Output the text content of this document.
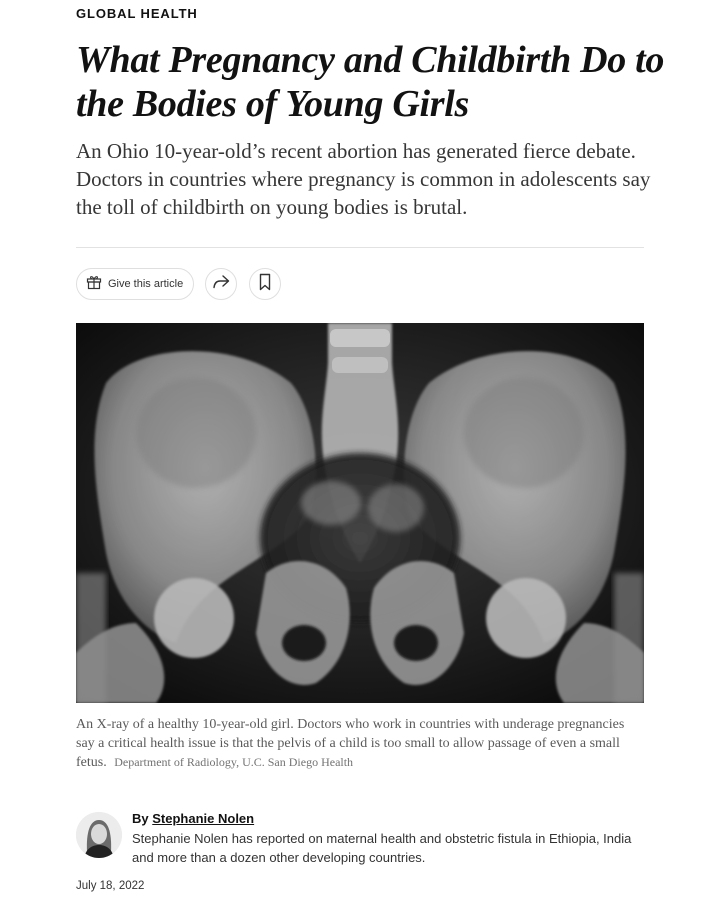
GLOBAL HEALTH
What Pregnancy and Childbirth Do to the Bodies of Young Girls

An Ohio 10-year-old’s recent abortion has generated fierce debate. Doctors in countries where pregnancy is common in adolescents say the toll of childbirth on young bodies is brutal.

Give this article

An X-ray of a healthy 10-year-old girl. Doctors who work in countries with underage pregnancies say a critical health issue is that the pelvis of a child is too small to allow passage of even a small fetus. Department of Radiology, U.C. San Diego Health

By Stephanie Nolen

Stephanie Nolen has reported on maternal health and obstetric fistula in Ethiopia, India and more than a dozen other developing countries.

July 18, 2022
